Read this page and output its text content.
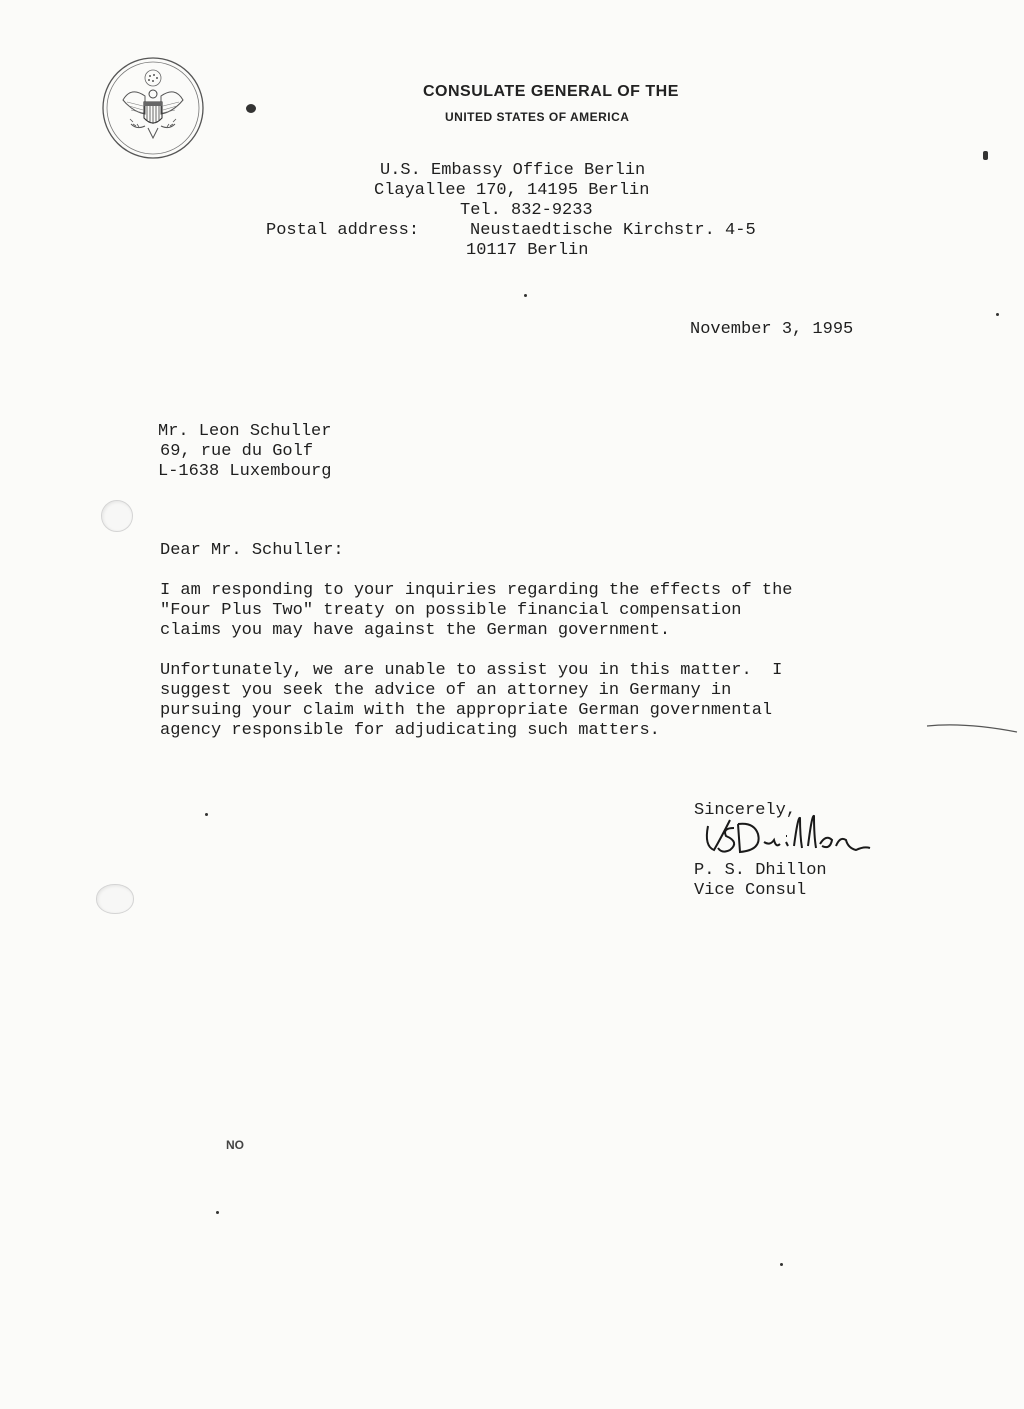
CONSULATE GENERAL OF THE
UNITED STATES OF AMERICA
U.S. Embassy Office Berlin
Clayallee 170, 14195 Berlin
Tel. 832-9233
Postal address:	Neustaedtische Kirchstr. 4-5
10117 Berlin
November 3, 1995
Mr. Leon Schuller
69, rue du Golf
L-1638 Luxembourg
Dear Mr. Schuller:
I am responding to your inquiries regarding the effects of the
"Four Plus Two" treaty on possible financial compensation
claims you may have against the German government.
Unfortunately, we are unable to assist you in this matter.  I
suggest you seek the advice of an attorney in Germany in
pursuing your claim with the appropriate German governmental
agency responsible for adjudicating such matters.
Sincerely,
P. S. Dhillon
Vice Consul
NO
